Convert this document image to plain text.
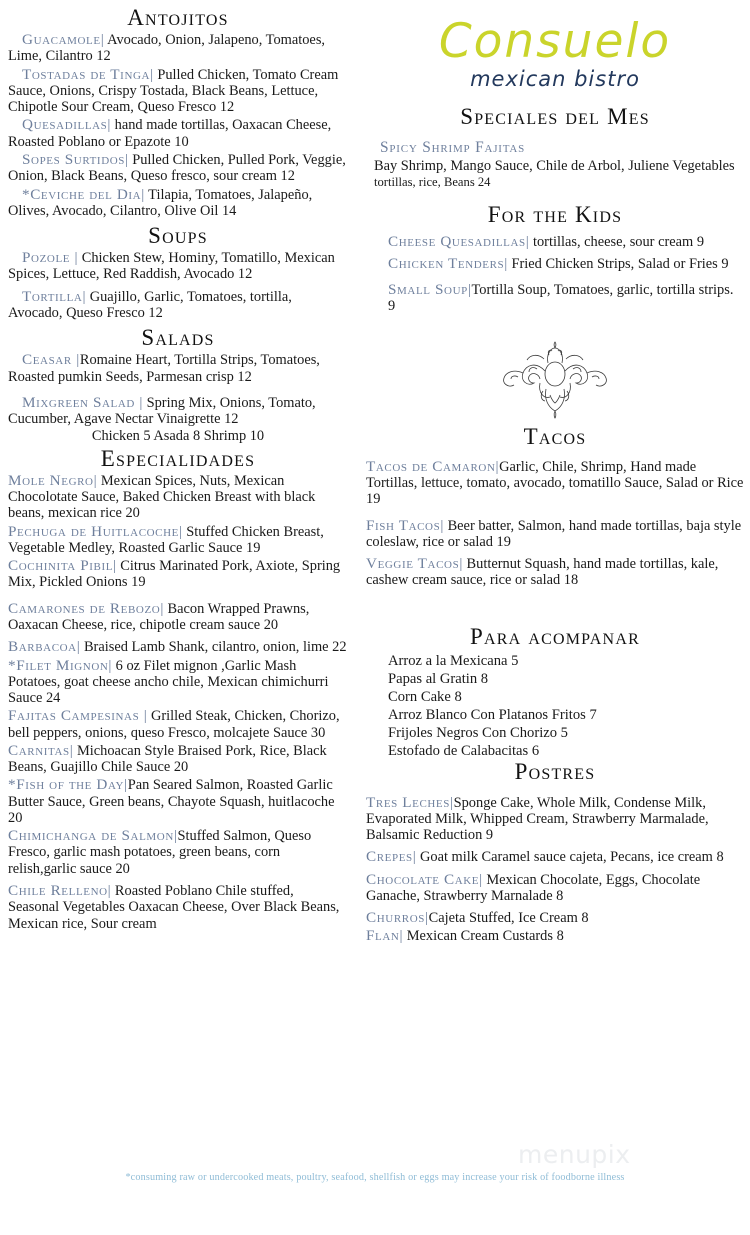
Antojitos

Guacamole| Avocado, Onion, Jalapeno, Tomatoes, Lime, Cilantro 12

Tostadas de Tinga| Pulled Chicken, Tomato Cream Sauce, Onions, Crispy Tostada, Black Beans, Lettuce, Chipotle Sour Cream, Queso Fresco 12

Quesadillas| hand made tortillas, Oaxacan Cheese, Roasted Poblano or Epazote 10

Sopes Surtidos| Pulled Chicken, Pulled Pork, Veggie, Onion, Black Beans, Queso fresco, sour cream 12

*Ceviche del Dia| Tilapia, Tomatoes, Jalapeño, Olives, Avocado, Cilantro, Olive Oil 14

Soups

Pozole | Chicken Stew, Hominy, Tomatillo, Mexican Spices, Lettuce, Red Raddish, Avocado 12

Tortilla| Guajillo, Garlic, Tomatoes, tortilla, Avocado, Queso Fresco 12

Salads

Ceasar |Romaine Heart, Tortilla Strips, Tomatoes, Roasted pumkin Seeds, Parmesan crisp 12

Mixgreen Salad | Spring Mix, Onions, Tomato, Cucumber, Agave Nectar Vinaigrette 12

Chicken 5 Asada 8 Shrimp 10

Especialidades

Mole Negro| Mexican Spices, Nuts, Mexican Chocolotate Sauce, Baked Chicken Breast with black beans, mexican rice 20

Pechuga de Huitlacoche| Stuffed Chicken Breast, Vegetable Medley, Roasted Garlic Sauce 19

Cochinita Pibil| Citrus Marinated Pork, Axiote, Spring Mix, Pickled Onions 19

Camarones de Rebozo| Bacon Wrapped Prawns, Oaxacan Cheese, rice, chipotle cream sauce 20

Barbacoa| Braised Lamb Shank, cilantro, onion, lime 22

*Filet Mignon| 6 oz Filet mignon ,Garlic Mash Potatoes, goat cheese ancho chile, Mexican chimichurri Sauce 24

Fajitas Campesinas | Grilled Steak, Chicken, Chorizo, bell peppers, onions, queso Fresco, molcajete Sauce 30

Carnitas| Michoacan Style Braised Pork, Rice, Black Beans, Guajillo Chile Sauce 20

*Fish of the Day|Pan Seared Salmon, Roasted Garlic Butter Sauce, Green beans, Chayote Squash, huitlacoche 20

Chimichanga de Salmon|Stuffed Salmon, Queso Fresco, garlic mash potatoes, green beans, corn relish,garlic sauce 20

Chile Relleno| Roasted Poblano Chile stuffed, Seasonal Vegetables Oaxacan Cheese, Over Black Beans, Mexican rice, Sour cream

Consuelo
mexican bistro
Speciales del Mes
Spicy Shrimp Fajitas

Bay Shrimp, Mango Sauce, Chile de Arbol, Juliene Vegetables tortillas, rice, Beans 24

For the Kids

Cheese Quesadillas| tortillas, cheese, sour cream 9

Chicken Tenders| Fried Chicken Strips, Salad or Fries 9

Small Soup|Tortilla Soup, Tomatoes, garlic, tortilla strips. 9

Tacos

Tacos de Camaron|Garlic, Chile, Shrimp, Hand made Tortillas, lettuce, tomato, avocado, tomatillo Sauce, Salad or Rice 19

Fish Tacos| Beer batter, Salmon, hand made tortillas, baja style coleslaw, rice or salad 19

Veggie Tacos| Butternut Squash, hand made tortillas, kale, cashew cream sauce, rice or salad 18

Para acompanar
Arroz a la Mexicana 5
Papas al Gratin 8
Corn Cake 8
Arroz Blanco Con Platanos Fritos 7
Frijoles Negros Con Chorizo 5
Estofado de Calabacitas 6
Postres

Tres Leches|Sponge Cake, Whole Milk, Condense Milk, Evaporated Milk, Whipped Cream, Strawberry Marmalade, Balsamic Reduction 9

Crepes| Goat milk Caramel sauce cajeta, Pecans, ice cream 8

Chocolate Cake| Mexican Chocolate, Eggs, Chocolate Ganache, Strawberry Marnalade 8

Churros|Cajeta Stuffed, Ice Cream 8

Flan| Mexican Cream Custards 8

menupix
*consuming raw or undercooked meats, poultry, seafood, shellfish or eggs may increase your risk of foodborne illness
